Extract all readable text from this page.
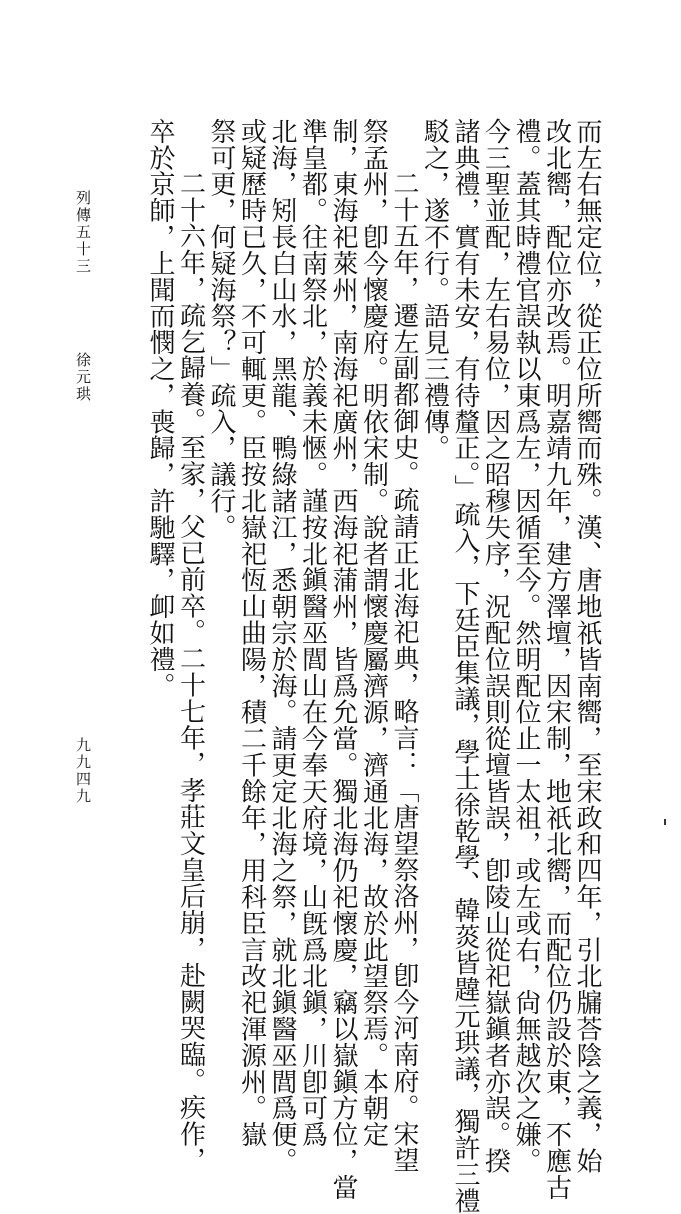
列傳五十三
徐元珙
九九四九	而左右無定位，從正位所嚮而殊。漢、唐地祇皆南嚮，至宋政和四年，引北牖荅陰之義，始
改北嚮，配位亦改焉。明嘉靖九年，建方澤壇，因宋制，地祇北嚮，而配位仍設於東，不應古
禮。蓋其時禮官誤執以東爲左，因循至今。然明配位止一太祖，或左或右，尙無越次之嫌。
今三聖並配，左右易位，因之昭穆失序，況配位誤則從壇皆誤，卽陵山從祀嶽鎭者亦誤。揆
諸典禮，實有未安，有待釐正。」疏入，下廷臣集議，學士徐乾學、韓菼皆韙元珙議，獨許三禮
駁之，遂不行。語見三禮傳。
二十五年，遷左副都御史。疏請正北海祀典，略言：「唐望祭洛州，卽今河南府。宋望
祭孟州，卽今懷慶府。明依宋制。說者謂懷慶屬濟源，濟通北海，故於此望祭焉。本朝定
制，東海祀萊州，南海祀廣州，西海祀蒲州，皆爲允當。獨北海仍祀懷慶，竊以嶽鎭方位，當
準皇都。往南祭北，於義未愜。謹按北鎭醫巫閭山在今奉天府境，山旣爲北鎭，川卽可爲
北海，矧長白山水，黑龍、鴨綠諸江，悉朝宗於海。請更定北海之祭，就北鎭醫巫閭爲便。
或疑歷時已久，不可輒更。臣按北嶽祀恆山曲陽，積二千餘年，用科臣言改祀渾源州。嶽
祭可更，何疑海祭？」疏入，議行。
二十六年，疏乞歸養。至家，父已前卒。二十七年，孝莊文皇后崩，赴闕哭臨。疾作，
卒於京師，上聞而憫之，喪歸，許馳驛，卹如禮。
